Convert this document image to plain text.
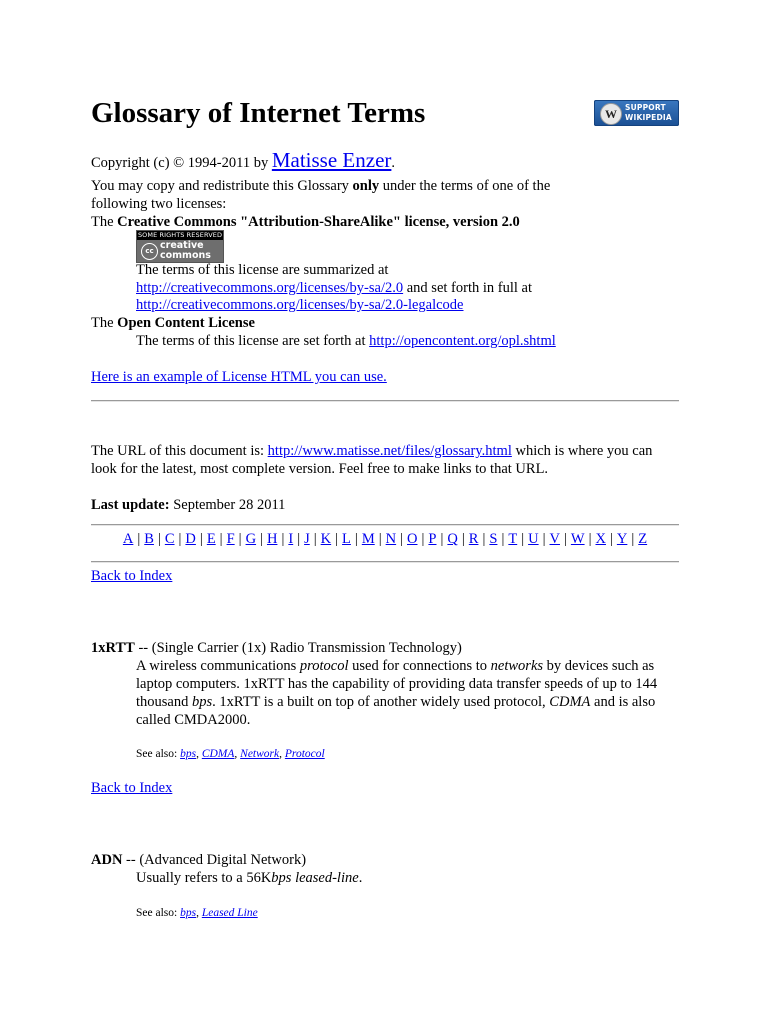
Glossary of Internet Terms	W	SUPPORT
WIKIPEDIA
Copyright (c) © 1994-2011 by Matisse Enzer.
You may copy and redistribute this Glossary only under the terms of one of the
following two licenses:
The Creative Commons "Attribution-ShareAlike" license, version 2.0
SOME RIGHTS RESERVED
cc creative
commons
The terms of this license are summarized at
http://creativecommons.org/licenses/by-sa/2.0 and set forth in full at
http://creativecommons.org/licenses/by-sa/2.0-legalcode
The Open Content License
The terms of this license are set forth at http://opencontent.org/opl.shtml
Here is an example of License HTML you can use.
The URL of this document is: http://www.matisse.net/files/glossary.html which is where you can
look for the latest, most complete version. Feel free to make links to that URL.
Last update: September 28 2011
A | B | C | D | E | F | G | H | I | J | K | L | M | N | O | P | Q | R | S | T | U | V | W | X | Y | Z
Back to Index
1xRTT -- (Single Carrier (1x) Radio Transmission Technology)
A wireless communications protocol used for connections to networks by devices such as laptop computers. 1xRTT has the capability of providing data transfer speeds of up to 144 thousand bps. 1xRTT is a built on top of another widely used protocol, CDMA and is also called CMDA2000.
See also: bps, CDMA, Network, Protocol
Back to Index
ADN -- (Advanced Digital Network)
Usually refers to a 56Kbps leased-line.
See also: bps, Leased Line
